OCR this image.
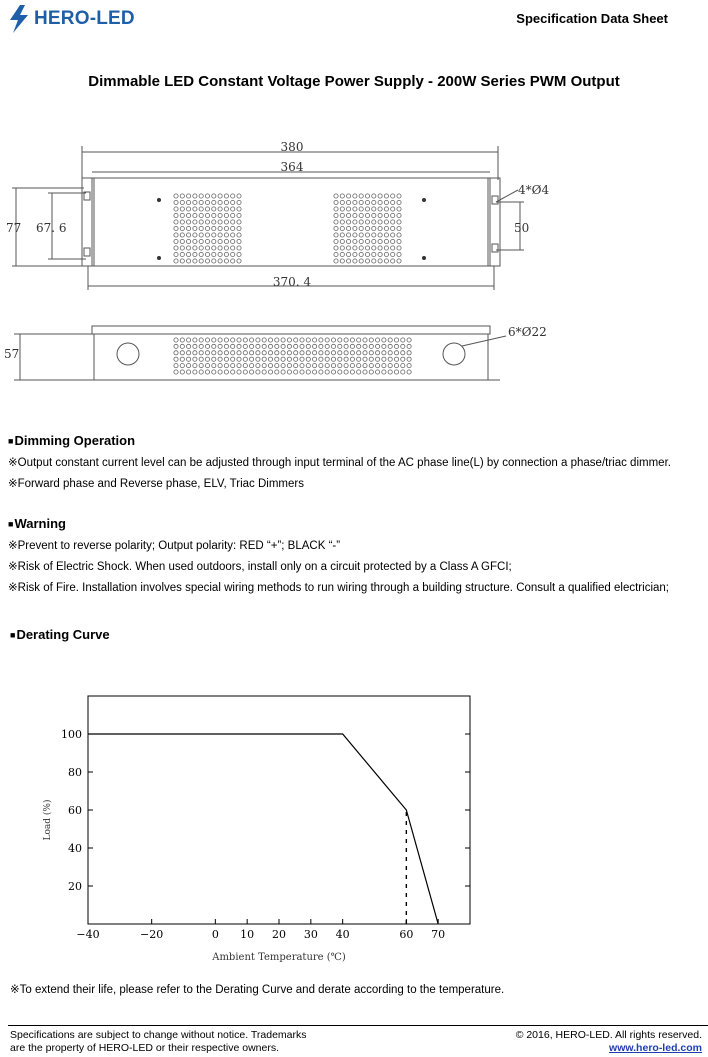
HERO-LED	Specification Data Sheet
Dimmable LED Constant Voltage Power Supply - 200W Series PWM Output
380
364
370. 4
77 67. 6	50
4*Ø4
57
6*Ø22
■Dimming Operation
※Output constant current level can be adjusted through input terminal of the AC phase line(L) by connection a phase/triac dimmer.
※Forward phase and Reverse phase, ELV, Triac Dimmers
■Warning
※Prevent to reverse polarity; Output polarity: RED “+”; BLACK “-”
※Risk of Electric Shock. When used outdoors, install only on a circuit protected by a Class A GFCI;
※Risk of Fire. Installation involves special wiring methods to run wiring through a building structure. Consult a qualified electrician;
■Derating Curve
−40	−20	0 10 20 30 40	60 70
20
40
60
80
100
Ambient Temperature (℃)
Load (%)
※To extend their life, please refer to the Derating Curve and derate according to the temperature.
Specifications are subject to change without notice. Trademarks
are the property of HERO-LED or their respective owners.
© 2016, HERO-LED. All rights reserved.
www.hero-led.com
